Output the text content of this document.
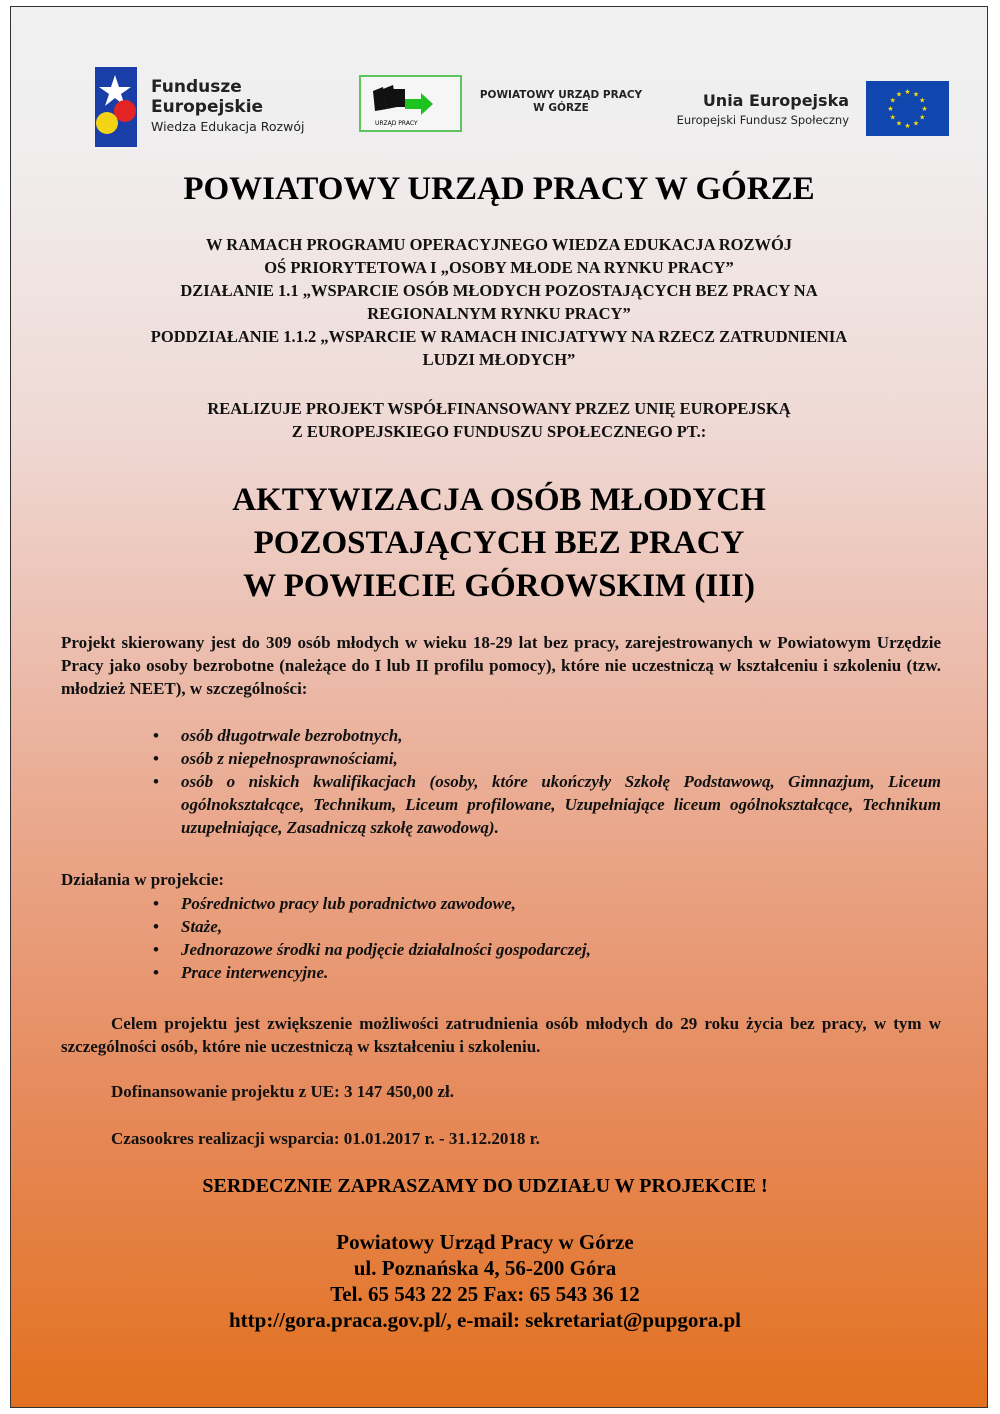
Fundusze
Europejskie
Wiedza Edukacja Rozwój	URZĄD PRACY
POWIATOWY URZĄD PRACY
W GÓRZE	Unia Europejska
Europejski Fundusz Społeczny
★
★
★
★
★
★
★
★
★ ★ ★
★
POWIATOWY URZĄD PRACY W GÓRZE
W RAMACH PROGRAMU OPERACYJNEGO WIEDZA EDUKACJA ROZWÓJ
OŚ PRIORYTETOWA I „OSOBY MŁODE NA RYNKU PRACY”
DZIAŁANIE 1.1 „WSPARCIE OSÓB MŁODYCH POZOSTAJĄCYCH BEZ PRACY NA
REGIONALNYM RYNKU PRACY”
PODDZIAŁANIE 1.1.2 „WSPARCIE W RAMACH INICJATYWY NA RZECZ ZATRUDNIENIA
LUDZI MŁODYCH”
REALIZUJE PROJEKT WSPÓŁFINANSOWANY PRZEZ UNIĘ EUROPEJSKĄ
Z EUROPEJSKIEGO FUNDUSZU SPOŁECZNEGO PT.:
AKTYWIZACJA OSÓB MŁODYCH
POZOSTAJĄCYCH BEZ PRACY
W POWIECIE GÓROWSKIM (III)
Projekt skierowany jest do 309 osób młodych w wieku 18-29 lat bez pracy, zarejestrowanych w Powiatowym Urzędzie Pracy jako osoby bezrobotne (należące do I lub II profilu pomocy), które nie uczestniczą w kształceniu i szkoleniu (tzw. młodzież NEET), w szczególności:
• osób długotrwale bezrobotnych,
• osób z niepełnosprawnościami,
• osób o niskich kwalifikacjach (osoby, które ukończyły Szkołę Podstawową, Gimnazjum, Liceum ogólnokształcące, Technikum, Liceum profilowane, Uzupełniające liceum ogólnokształcące, Technikum uzupełniające, Zasadniczą szkołę zawodową).
Działania w projekcie:
• Pośrednictwo pracy lub poradnictwo zawodowe,
• Staże,
• Jednorazowe środki na podjęcie działalności gospodarczej,
• Prace interwencyjne.
Celem projektu jest zwiększenie możliwości zatrudnienia osób młodych do 29 roku życia bez pracy, w tym w szczególności osób, które nie uczestniczą w kształceniu i szkoleniu.
Dofinansowanie projektu z UE: 3 147 450,00 zł.
Czasookres realizacji wsparcia: 01.01.2017 r. - 31.12.2018 r.
SERDECZNIE ZAPRASZAMY DO UDZIAŁU W PROJEKCIE !
Powiatowy Urząd Pracy w Górze
ul. Poznańska 4, 56-200 Góra
Tel. 65 543 22 25 Fax: 65 543 36 12
http://gora.praca.gov.pl/, e-mail: sekretariat@pupgora.pl
